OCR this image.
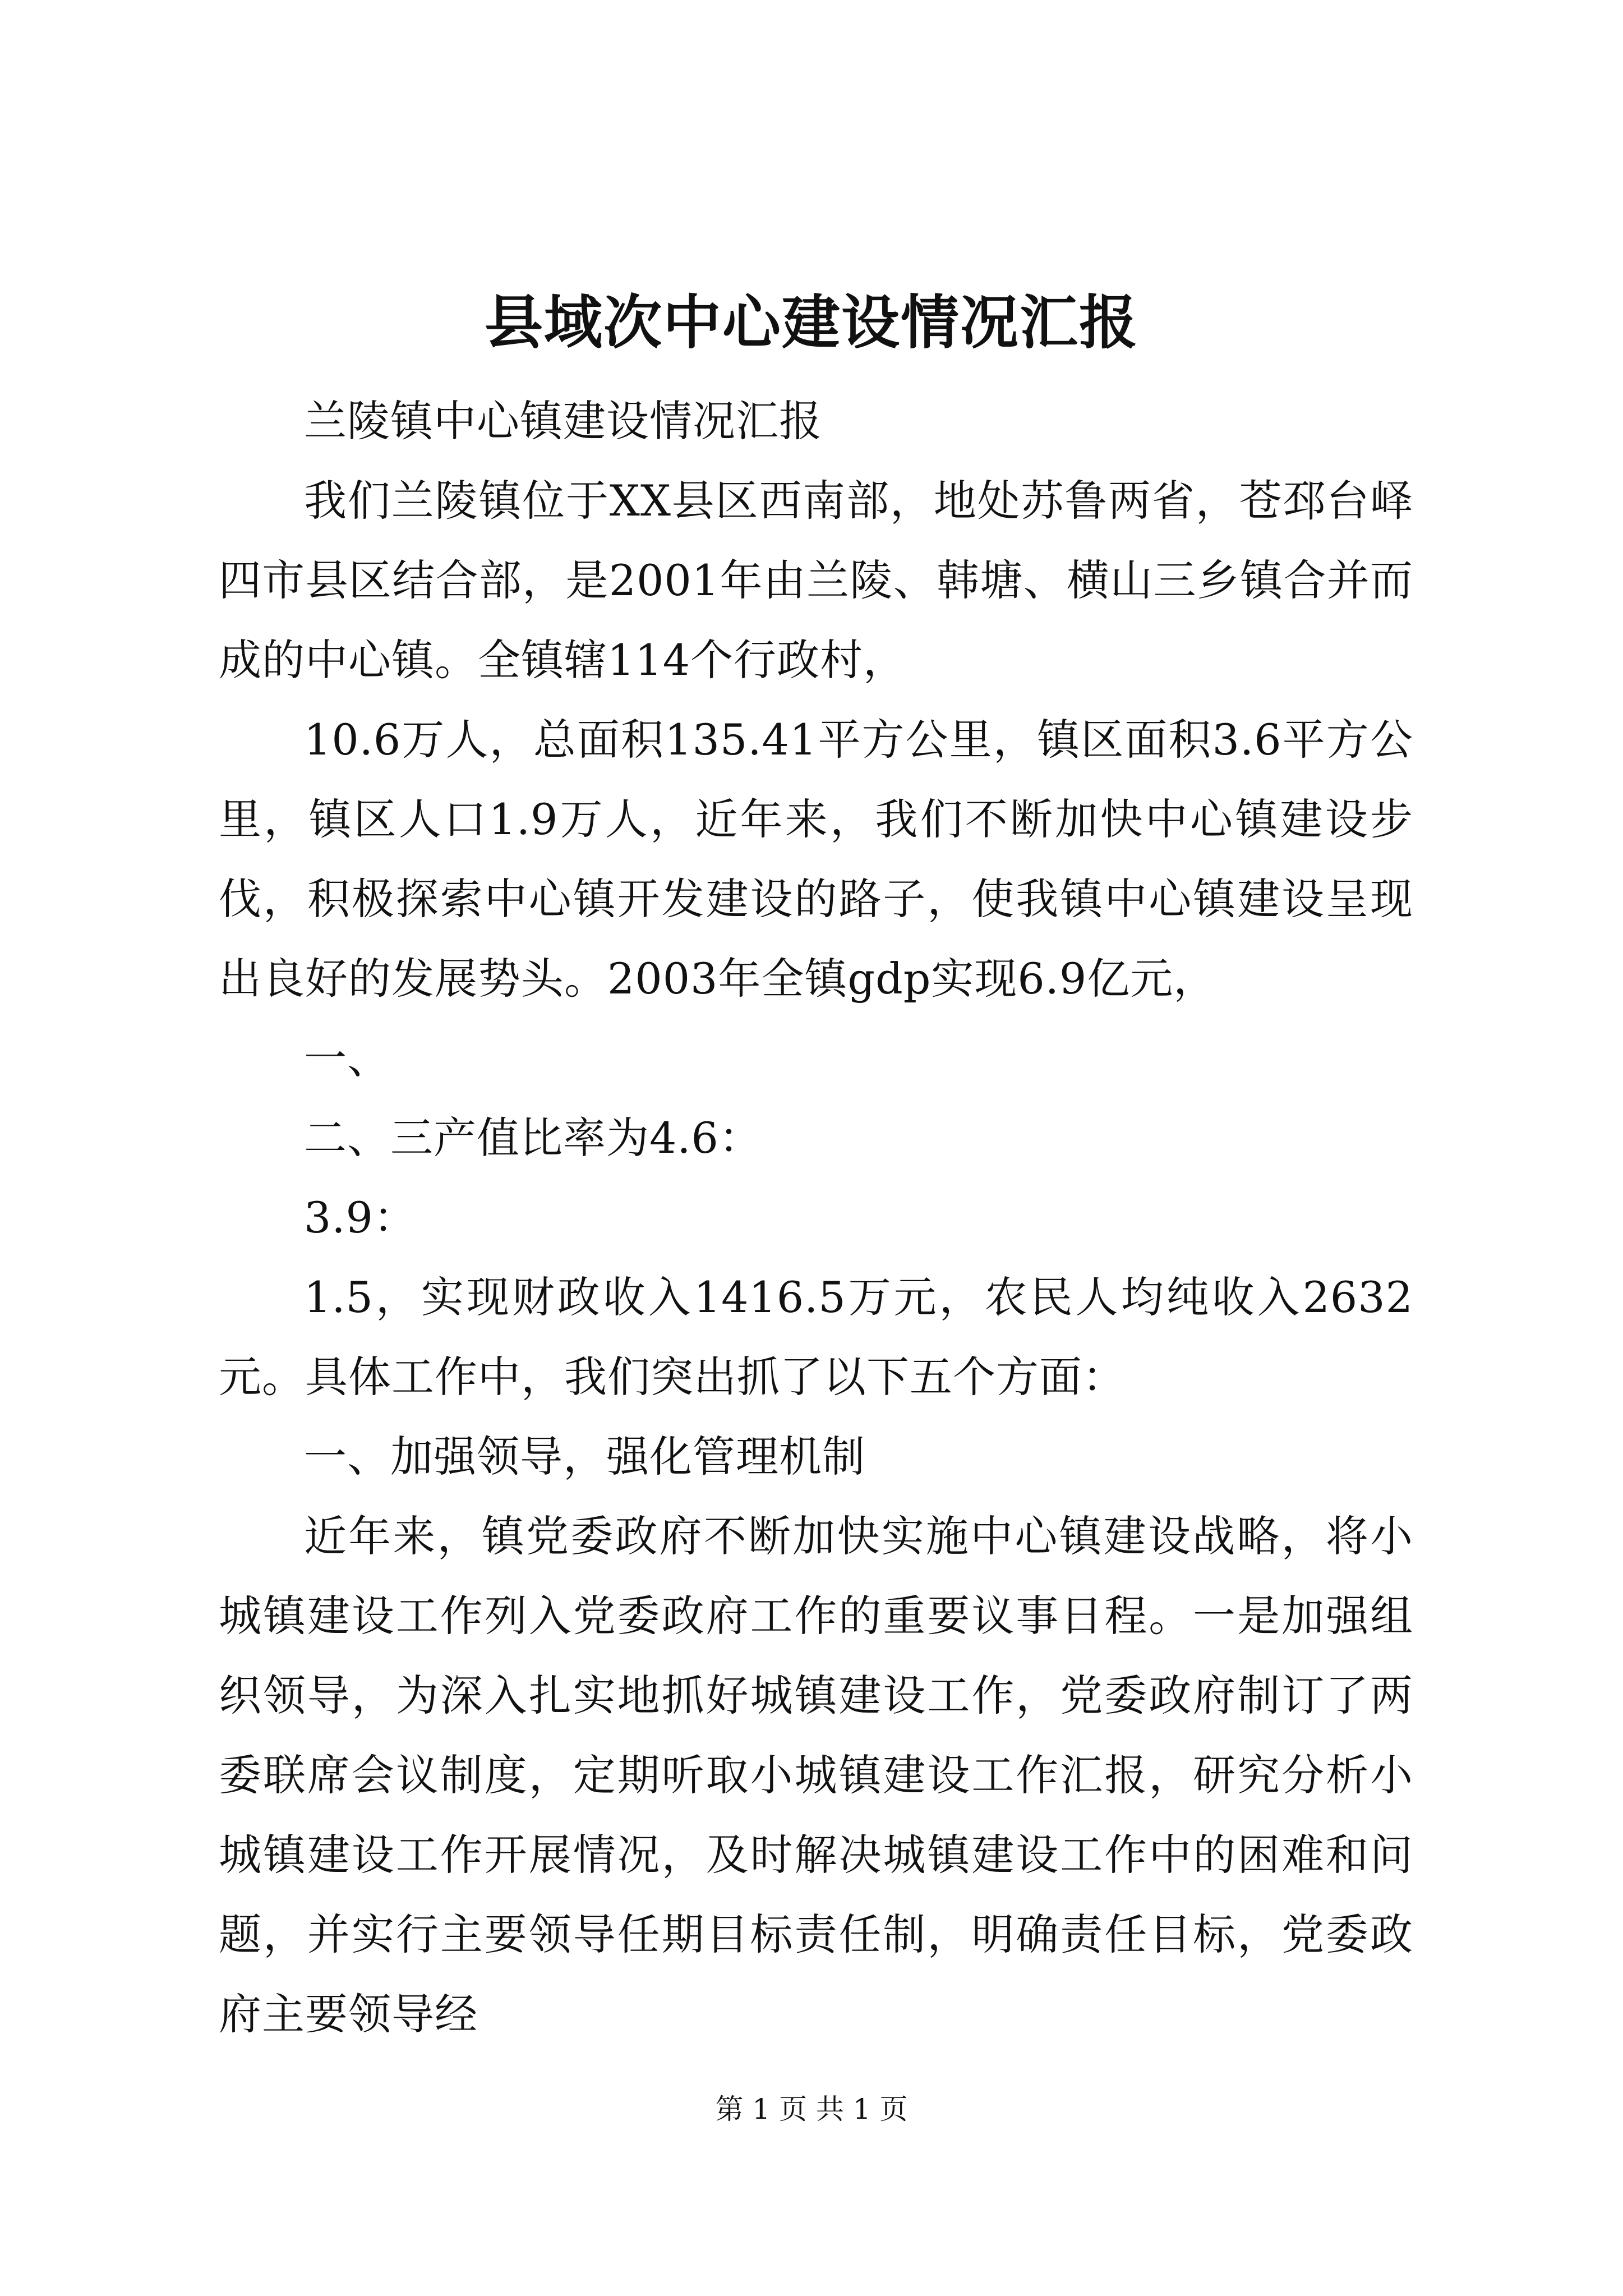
县域次中心建设情况汇报

兰陵镇中心镇建设情况汇报

我们兰陵镇位于XX县区西南部，地处苏鲁两省，苍邳台峄四市县区结合部，是2001年由兰陵、韩塘、横山三乡镇合并而成的中心镇。全镇辖114个行政村，

10.6万人，总面积135.41平方公里，镇区面积3.6平方公里，镇区人口1.9万人，近年来，我们不断加快中心镇建设步伐，积极探索中心镇开发建设的路子，使我镇中心镇建设呈现出良好的发展势头。2003年全镇gdp实现6.9亿元，

一、

二、三产值比率为4.6：

3.9：

1.5，实现财政收入1416.5万元，农民人均纯收入2632元。具体工作中，我们突出抓了以下五个方面：

一、加强领导，强化管理机制

近年来，镇党委政府不断加快实施中心镇建设战略，将小城镇建设工作列入党委政府工作的重要议事日程。一是加强组织领导，为深入扎实地抓好城镇建设工作，党委政府制订了两委联席会议制度，定期听取小城镇建设工作汇报，研究分析小城镇建设工作开展情况，及时解决城镇建设工作中的困难和问题，并实行主要领导任期目标责任制，明确责任目标，党委政府主要领导经

第 1 页 共 1 页
